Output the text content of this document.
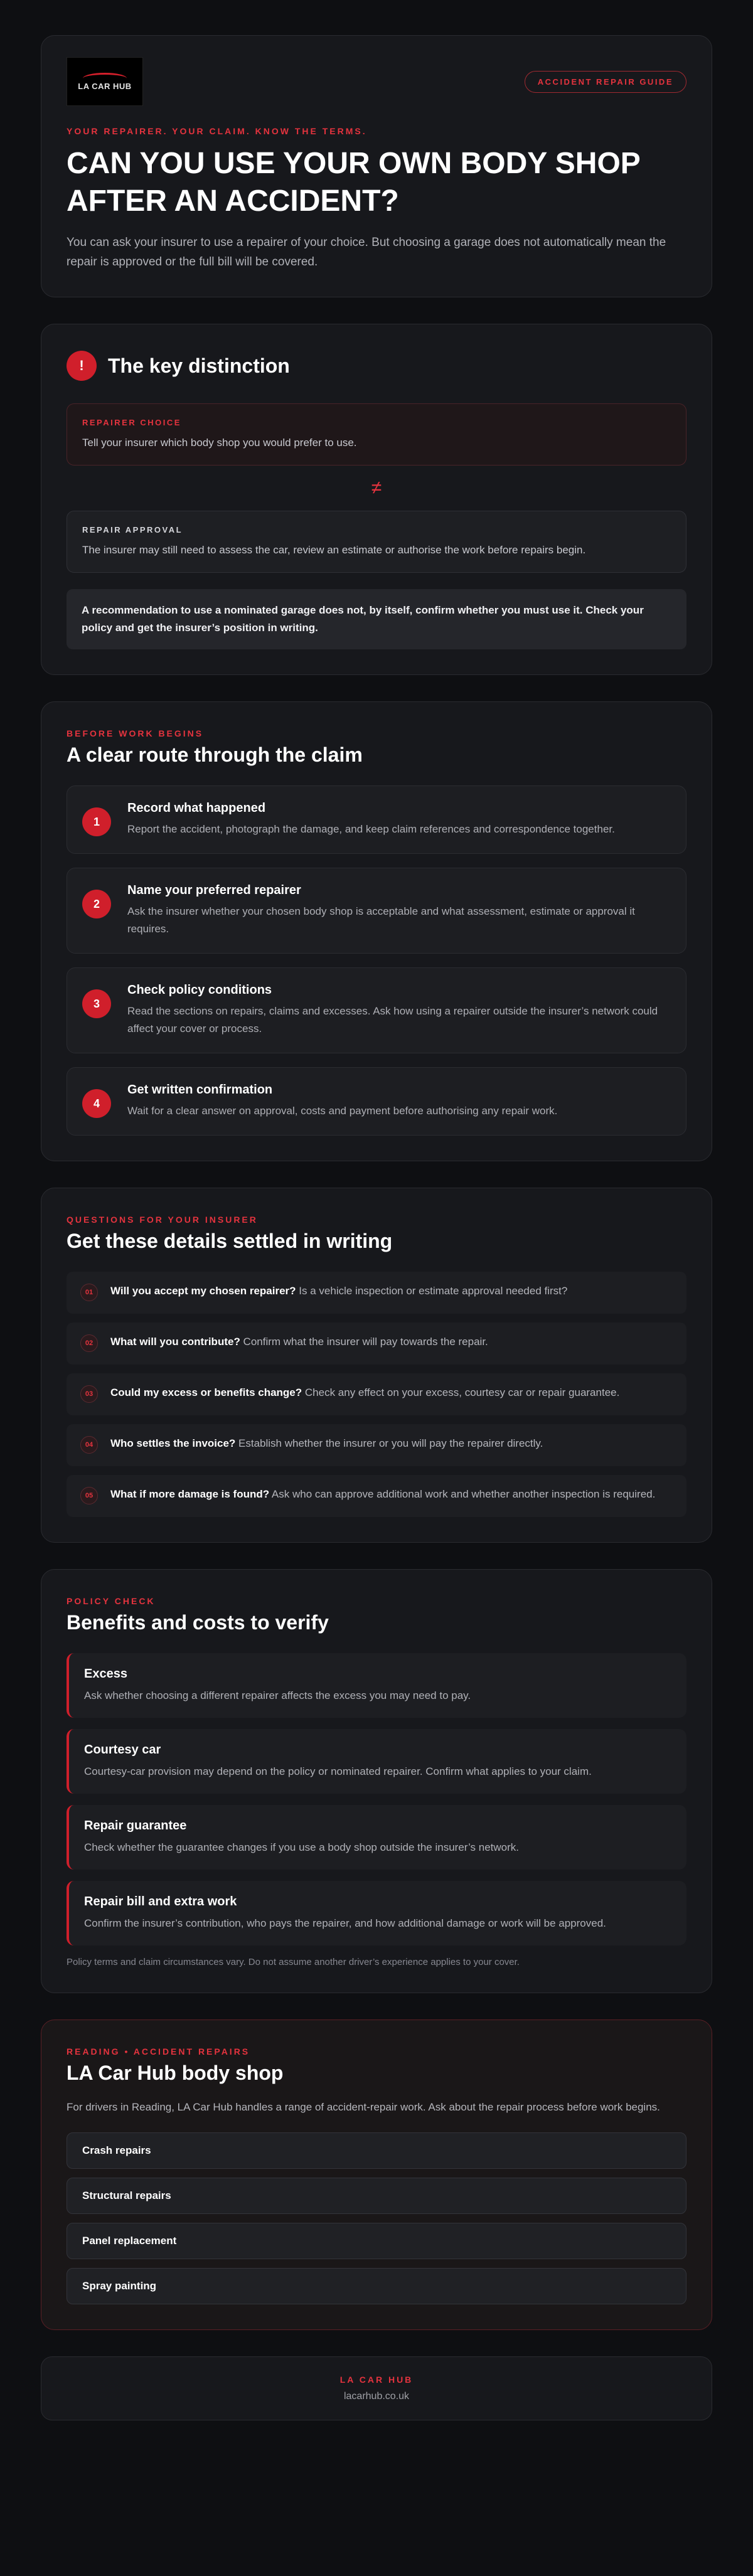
LA CAR HUB	ACCIDENT REPAIR GUIDE
YOUR REPAIRER. YOUR CLAIM. KNOW THE TERMS.
CAN YOU USE YOUR OWN BODY SHOP AFTER AN ACCIDENT?

You can ask your insurer to use a repairer of your choice. But choosing a garage does not automatically mean the repair is approved or the full bill will be covered.

!	The key distinction
REPAIRER CHOICE
Tell your insurer which body shop you would prefer to use.
≠
REPAIR APPROVAL
The insurer may still need to assess the car, review an estimate or authorise the work before repairs begin.
A recommendation to use a nominated garage does not, by itself, confirm whether you must use it. Check your policy and get the insurer’s position in writing.
BEFORE WORK BEGINS
A clear route through the claim
1
Record what happened

Report the accident, photograph the damage, and keep claim references and correspondence together.

2
Name your preferred repairer

Ask the insurer whether your chosen body shop is acceptable and what assessment, estimate or approval it requires.

3
Check policy conditions

Read the sections on repairs, claims and excesses. Ask how using a repairer outside the insurer’s network could affect your cover or process.

4
Get written confirmation

Wait for a clear answer on approval, costs and payment before authorising any repair work.

QUESTIONS FOR YOUR INSURER
Get these details settled in writing
01	Will you accept my chosen repairer? Is a vehicle inspection or estimate approval needed first?
02	What will you contribute? Confirm what the insurer will pay towards the repair.
03	Could my excess or benefits change? Check any effect on your excess, courtesy car or repair guarantee.
04	Who settles the invoice? Establish whether the insurer or you will pay the repairer directly.
05	What if more damage is found? Ask who can approve additional work and whether another inspection is required.
POLICY CHECK
Benefits and costs to verify
Excess

Ask whether choosing a different repairer affects the excess you may need to pay.

Courtesy car

Courtesy-car provision may depend on the policy or nominated repairer. Confirm what applies to your claim.

Repair guarantee

Check whether the guarantee changes if you use a body shop outside the insurer’s network.

Repair bill and extra work

Confirm the insurer’s contribution, who pays the repairer, and how additional damage or work will be approved.

Policy terms and claim circumstances vary. Do not assume another driver’s experience applies to your cover.
READING • ACCIDENT REPAIRS
LA Car Hub body shop

For drivers in Reading, LA Car Hub handles a range of accident-repair work. Ask about the repair process before work begins.

Crash repairs
Structural repairs
Panel replacement
Spray painting
LA CAR HUB
lacarhub.co.uk
